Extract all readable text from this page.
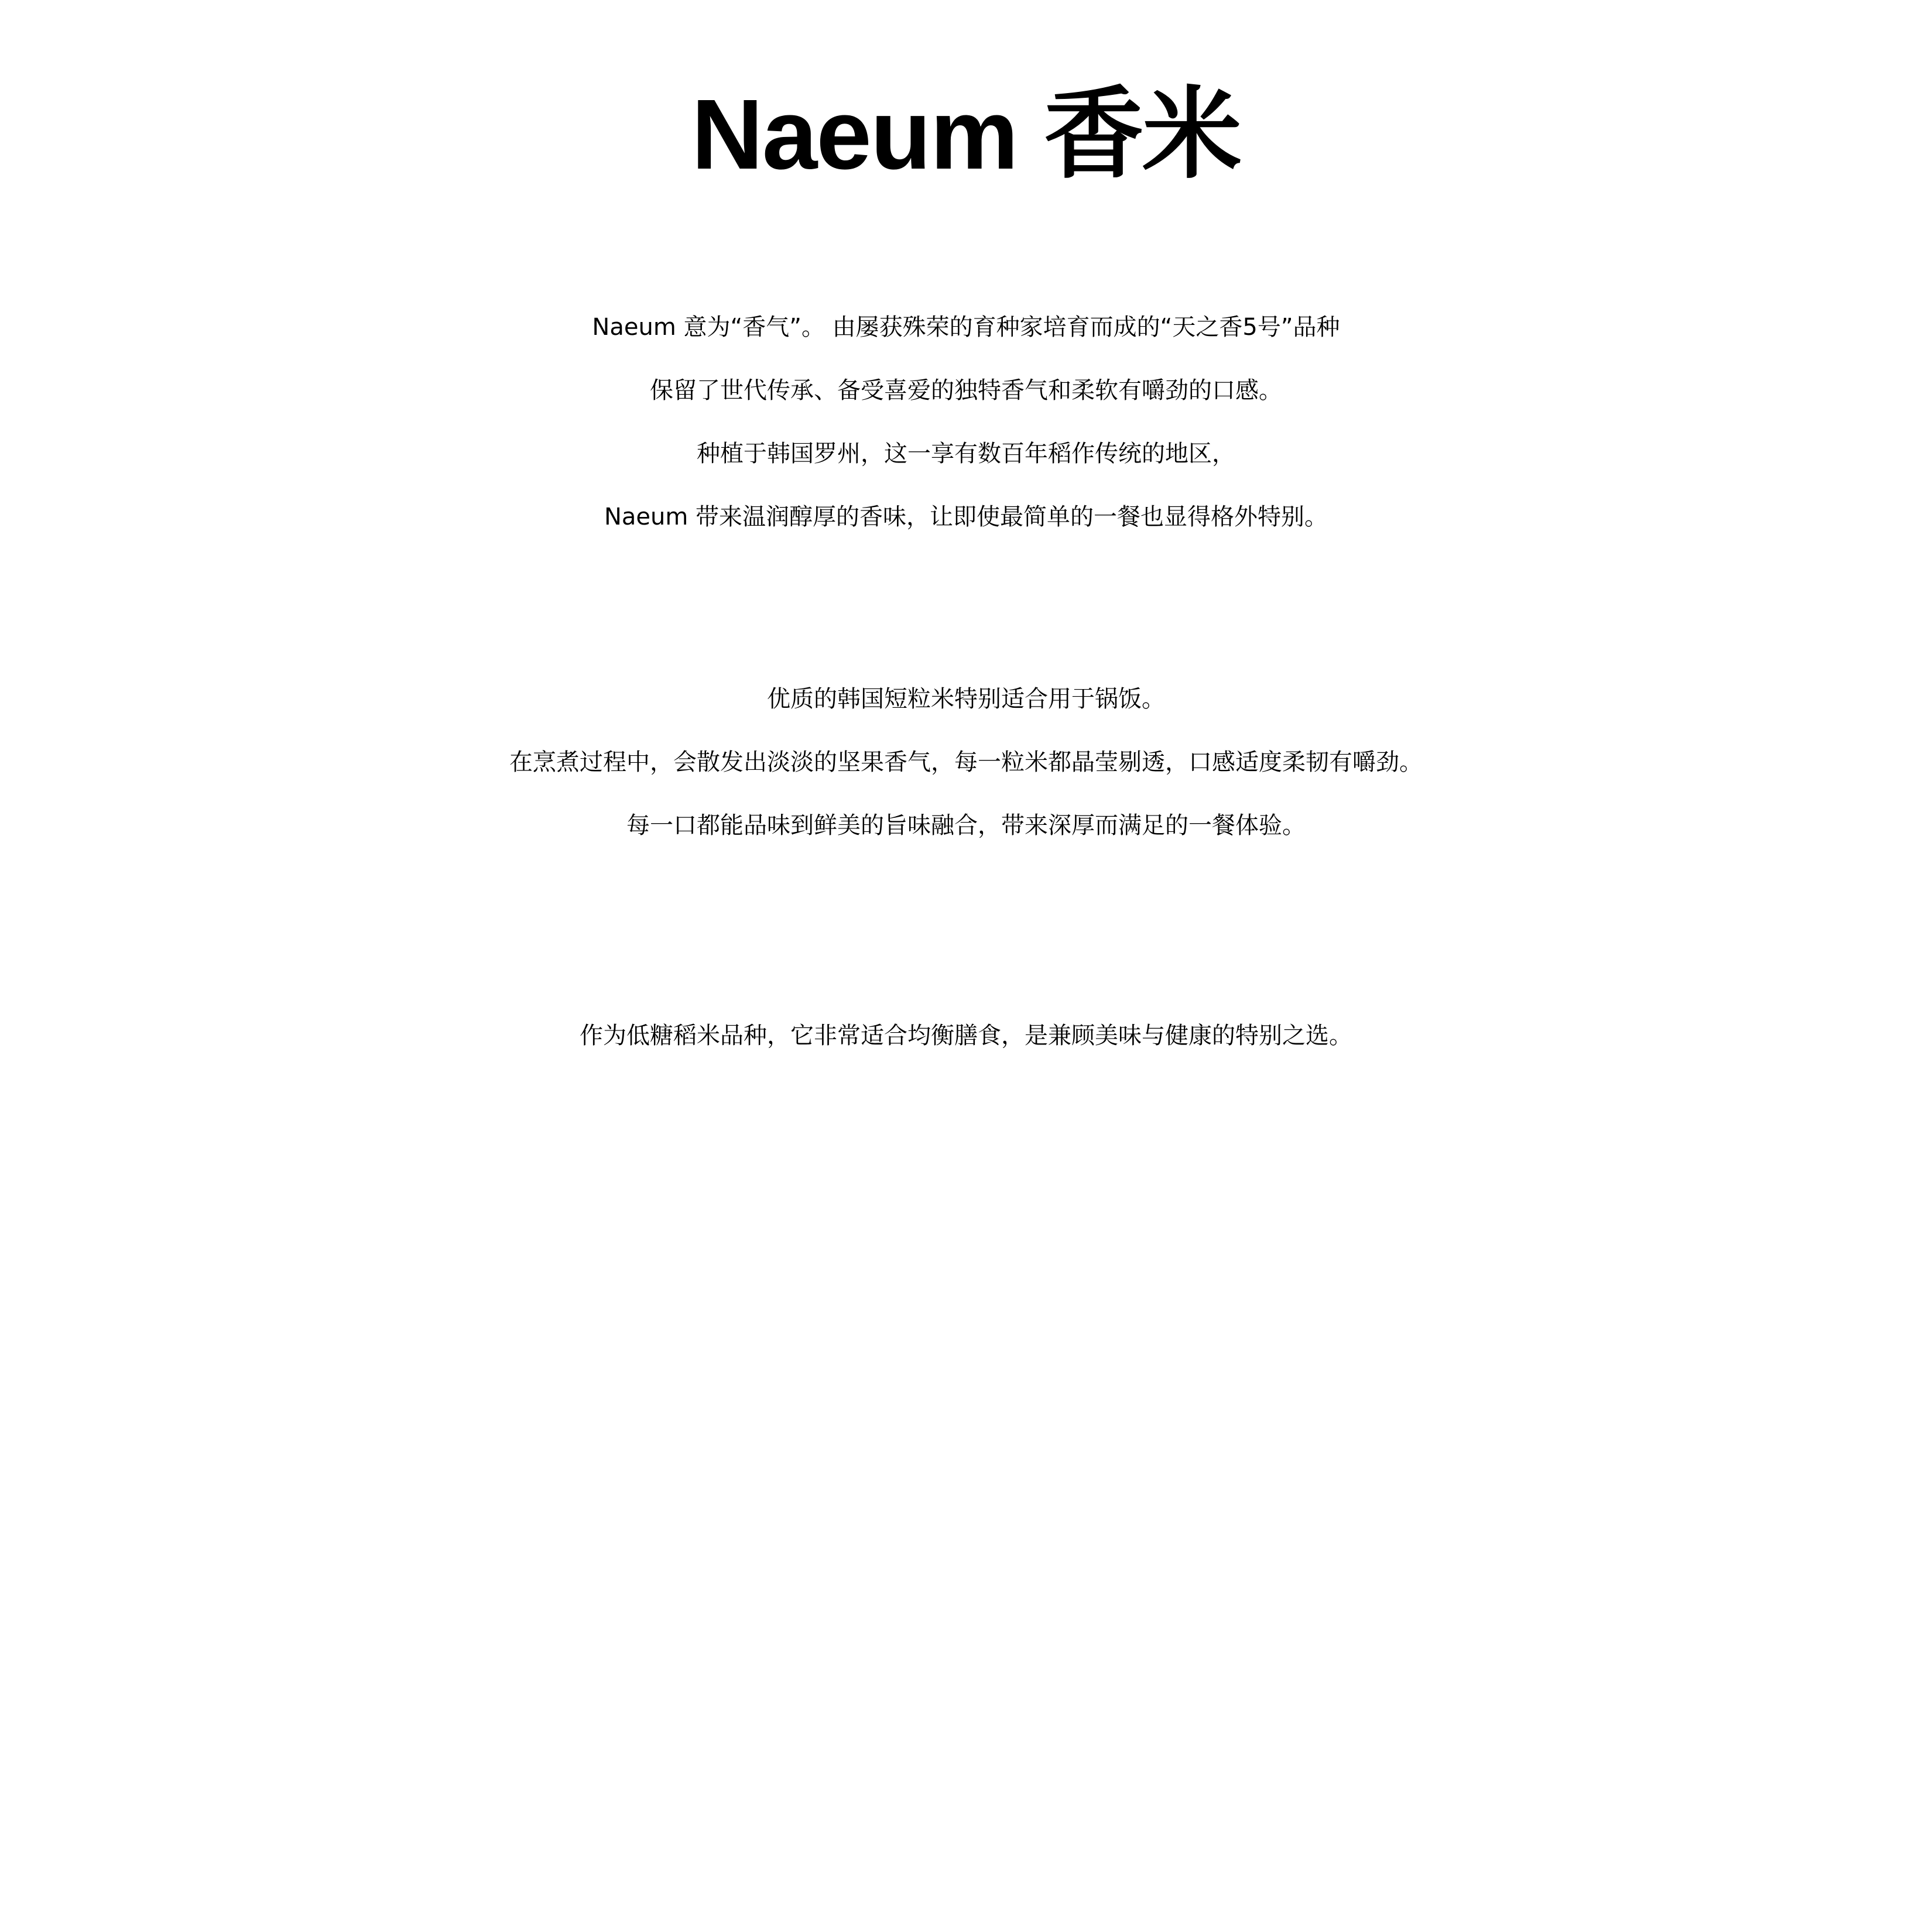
Naeum 香米
Naeum 意为“香气”。 由屡获殊荣的育种家培育而成的“天之香5号”品种
保留了世代传承、备受喜爱的独特香气和柔软有嚼劲的口感。
种植于韩国罗州，这一享有数百年稻作传统的地区，
Naeum 带来温润醇厚的香味，让即使最简单的一餐也显得格外特别。
优质的韩国短粒米特别适合用于锅饭。
在烹煮过程中，会散发出淡淡的坚果香气，每一粒米都晶莹剔透，口感适度柔韧有嚼劲。
每一口都能品味到鲜美的旨味融合，带来深厚而满足的一餐体验。
作为低糖稻米品种，它非常适合均衡膳食，是兼顾美味与健康的特别之选。
